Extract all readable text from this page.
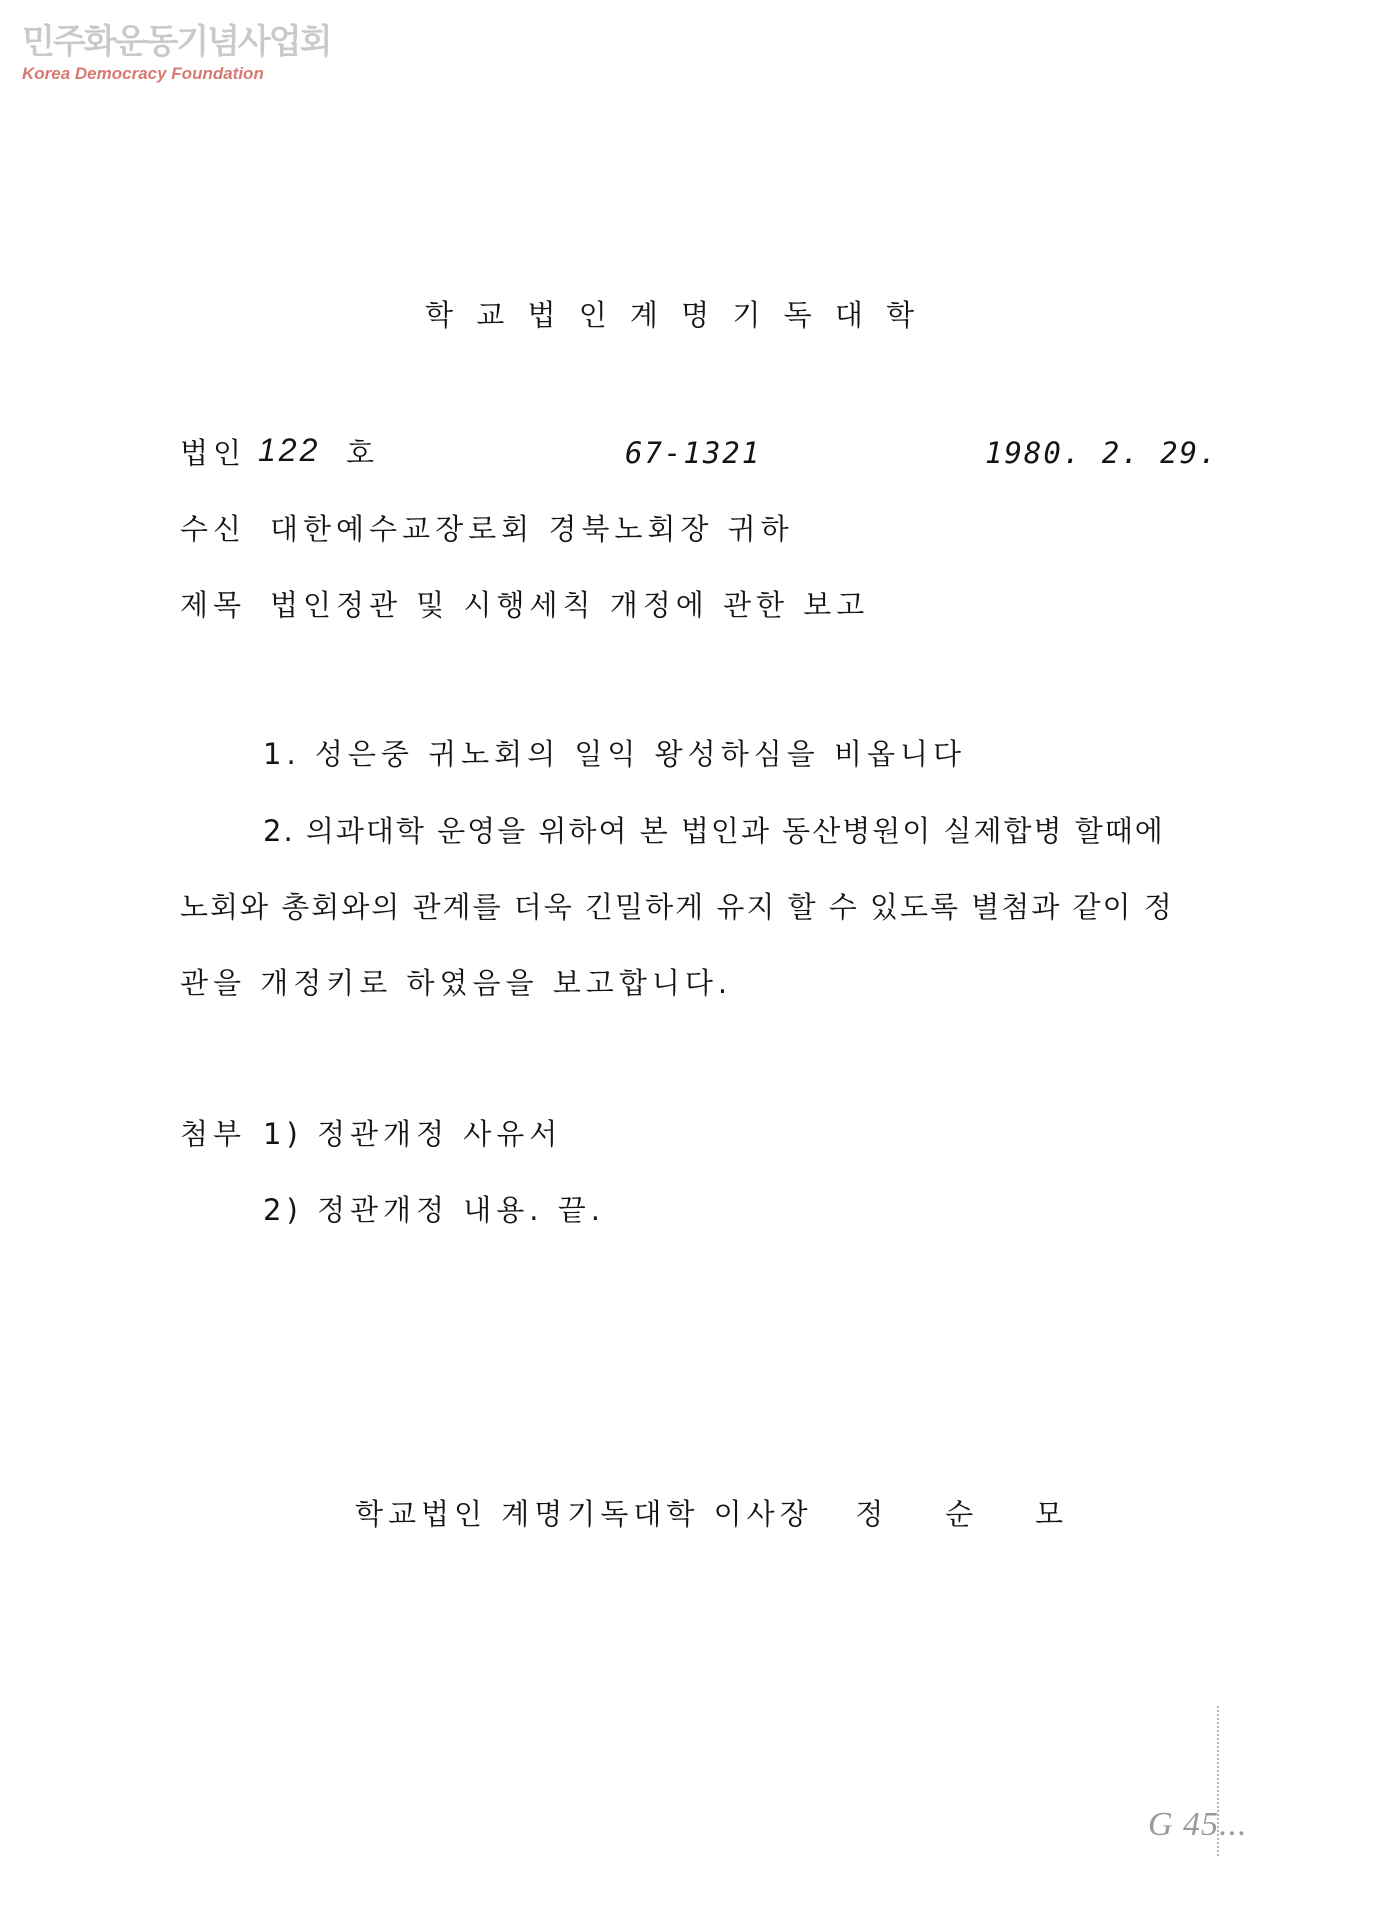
민주화운동기념사업회
Korea Democracy Foundation
학 교 법 인 계 명 기 독 대 학
법인 122 호	67-1321	1980. 2. 29.
수신 대한예수교장로회 경북노회장 귀하
제목 법인정관 및 시행세칙 개정에 관한 보고
1. 성은중 귀노회의 일익 왕성하심을 비옵니다
2. 의과대학 운영을 위하여 본 법인과 동산병원이 실제합병 할때에
노회와 총회와의 관계를 더욱 긴밀하게 유지 할 수 있도록 별첨과 같이 정
관을 개정키로 하였음을 보고합니다.
첨부 1) 정관개정 사유서
2) 정관개정 내용. 끝.
학교법인 계명기독대학 이사장   정    순    모
G 45...
